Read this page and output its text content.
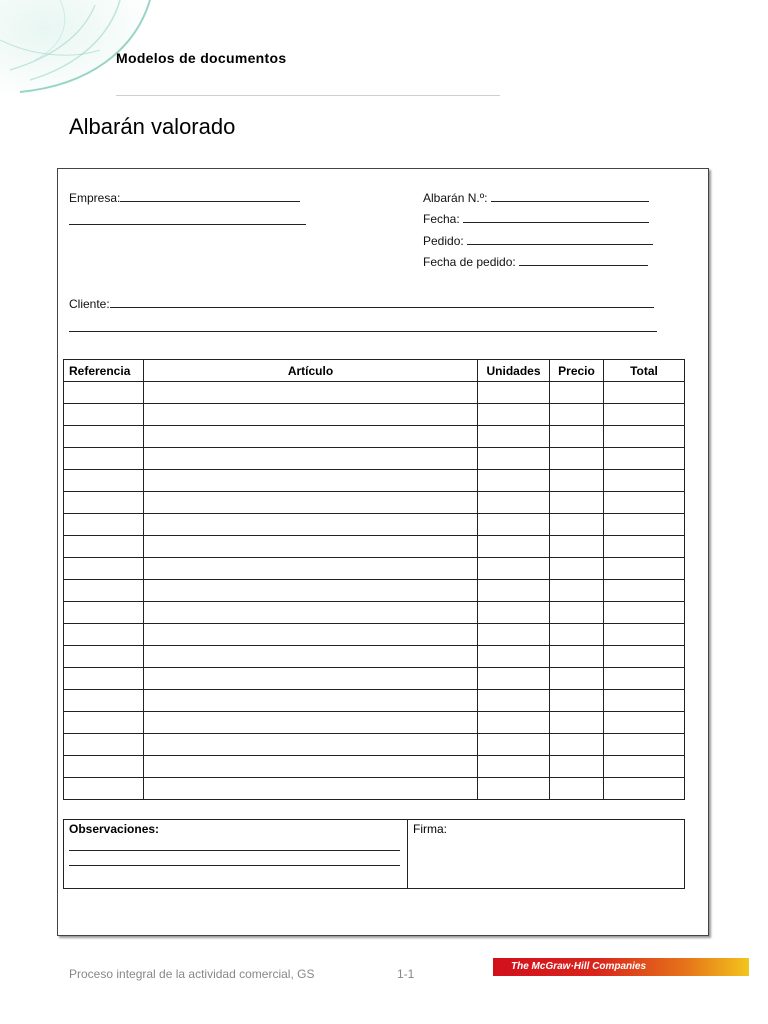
Modelos de documentos
Albarán valorado
Empresa:	Albarán N.º:
Fecha:
Pedido:
Fecha de pedido:
Cliente:
Referencia	Artículo	Unidades	Precio	Total

Observaciones:	Firma:
Proceso integral de la actividad comercial, GS	1-1
The McGraw·Hill Companies
